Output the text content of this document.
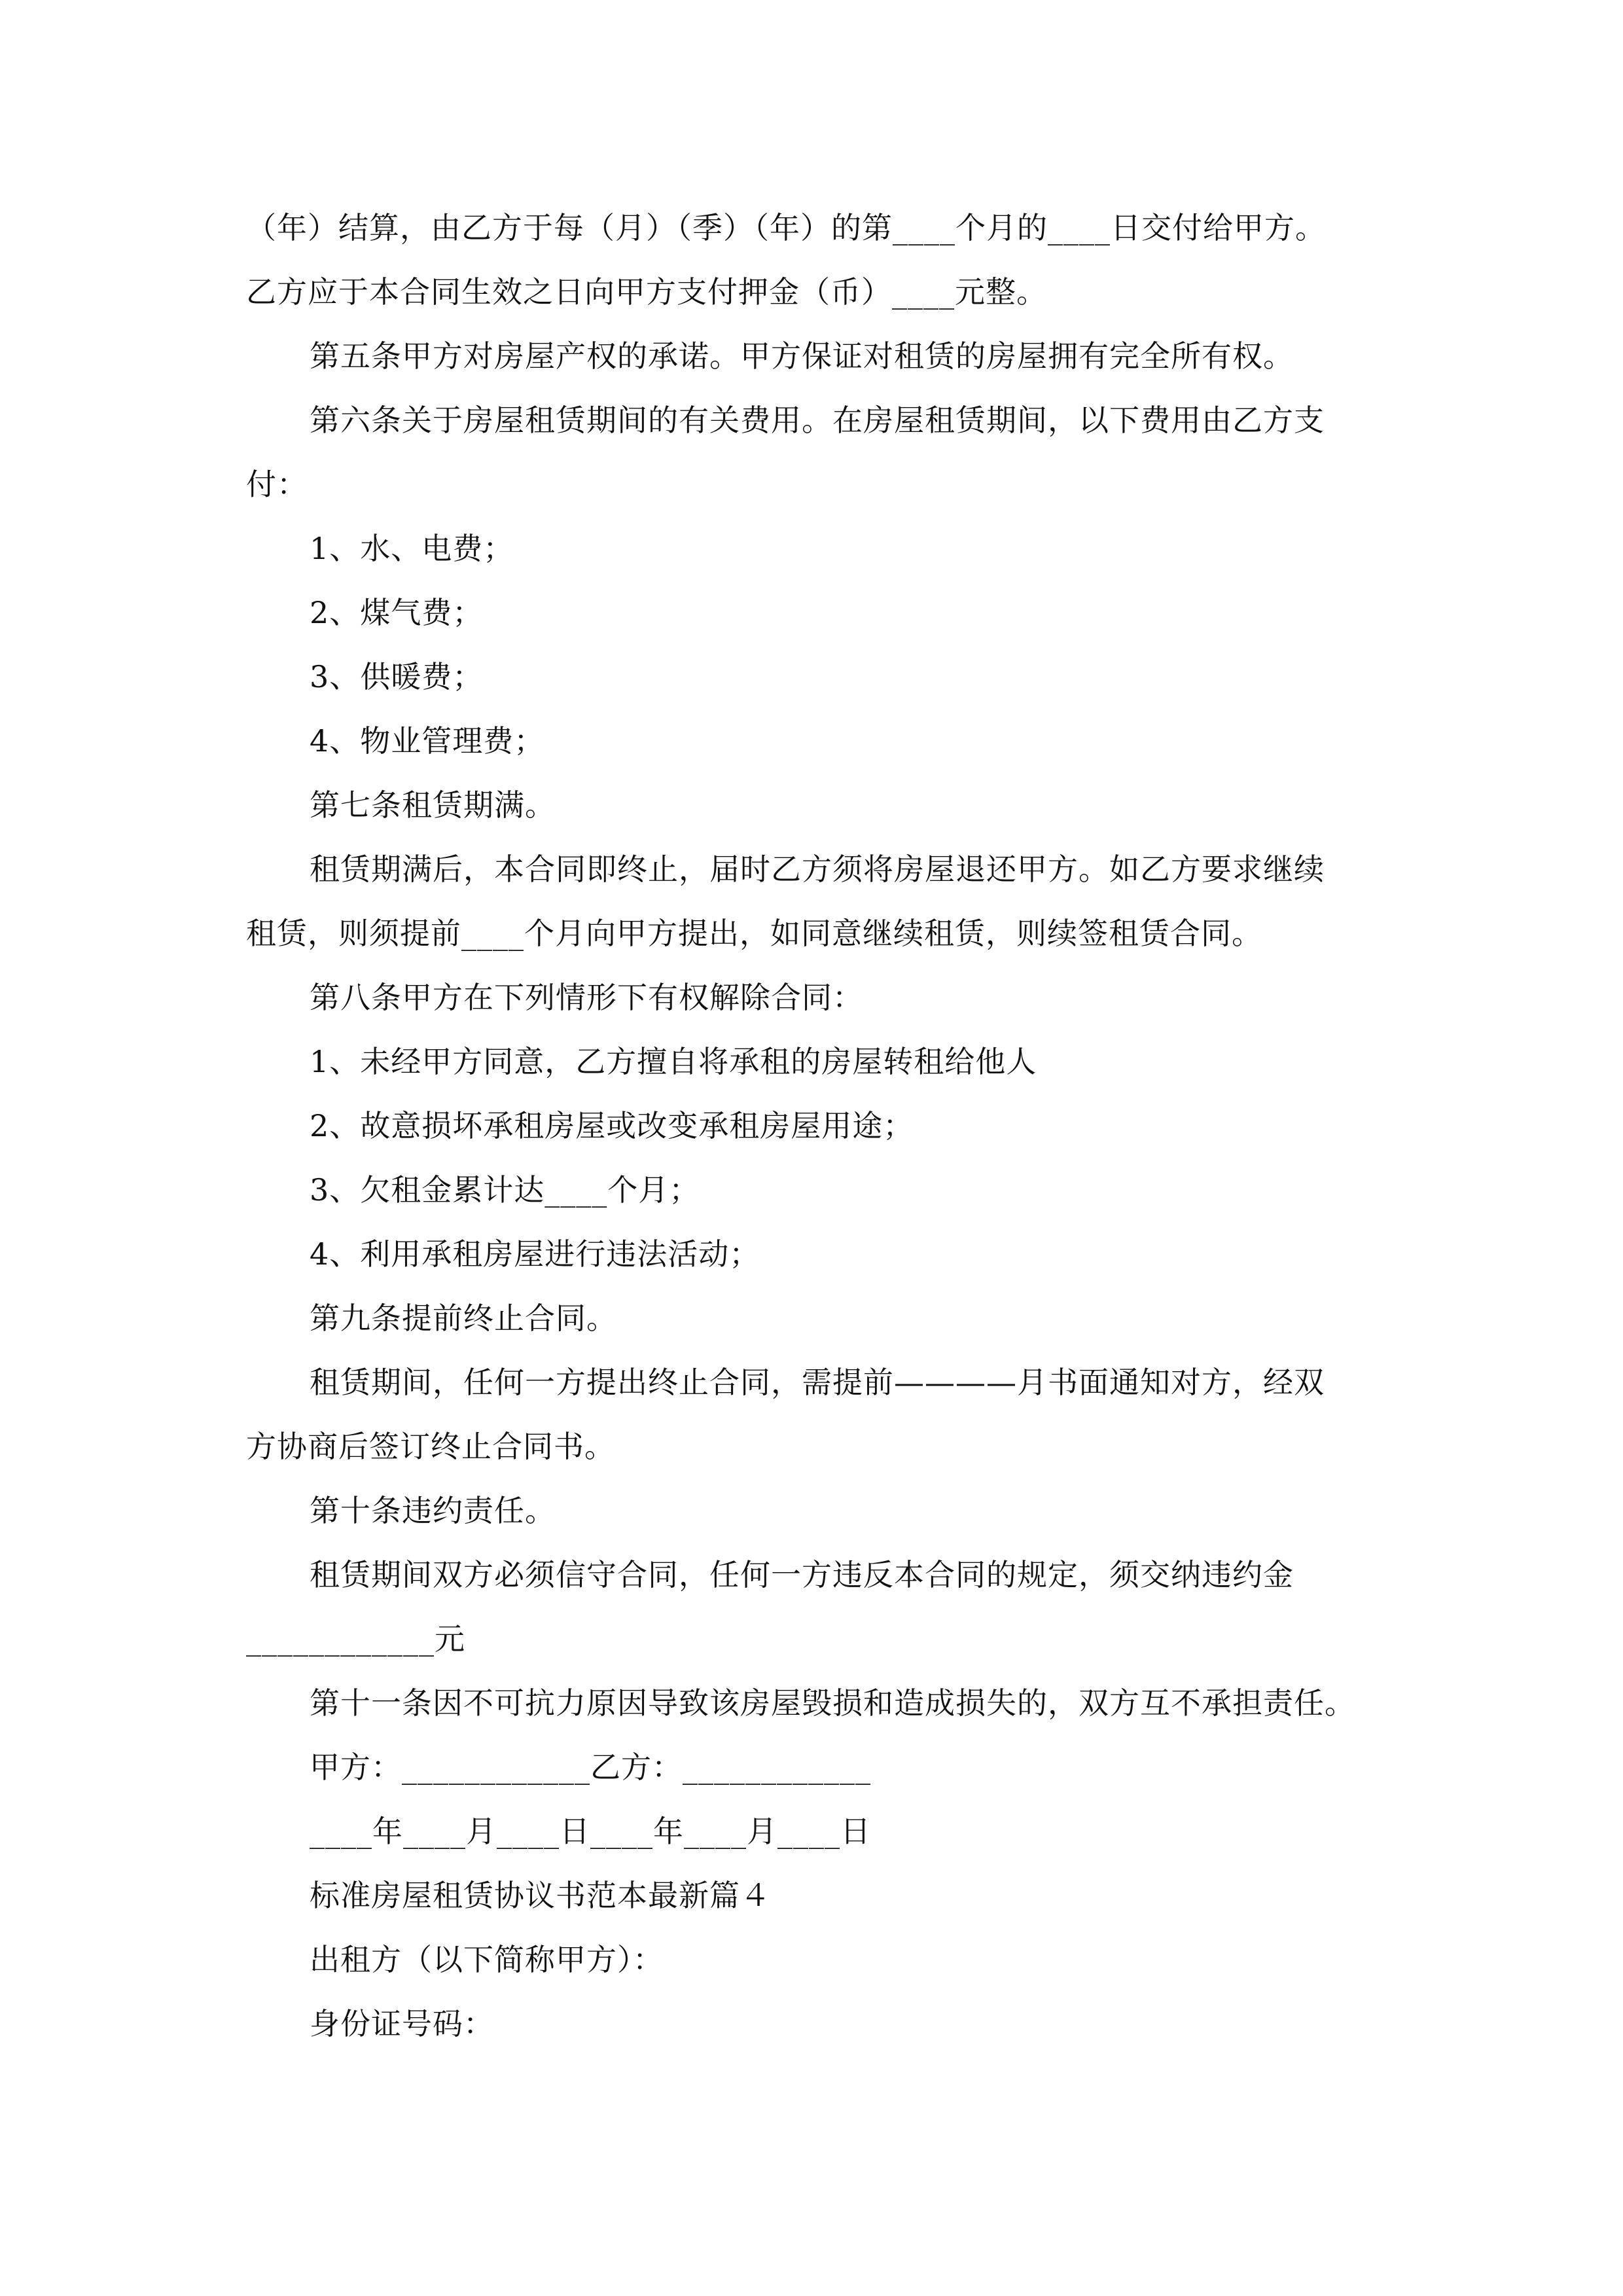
（年）结算，由乙方于每（月）（季）（年）的第____个月的____日交付给甲方。
乙方应于本合同生效之日向甲方支付押金（币）____元整。
第五条甲方对房屋产权的承诺。甲方保证对租赁的房屋拥有完全所有权。
第六条关于房屋租赁期间的有关费用。在房屋租赁期间，以下费用由乙方支
付：
1、水、电费；
2、煤气费；
3、供暖费；
4、物业管理费；
第七条租赁期满。
租赁期满后，本合同即终止，届时乙方须将房屋退还甲方。如乙方要求继续
租赁，则须提前____个月向甲方提出，如同意继续租赁，则续签租赁合同。
第八条甲方在下列情形下有权解除合同：
1、未经甲方同意，乙方擅自将承租的房屋转租给他人
2、故意损坏承租房屋或改变承租房屋用途；
3、欠租金累计达____个月；
4、利用承租房屋进行违法活动；
第九条提前终止合同。
租赁期间，任何一方提出终止合同，需提前————月书面通知对方，经双
方协商后签订终止合同书。
第十条违约责任。
租赁期间双方必须信守合同，任何一方违反本合同的规定，须交纳违约金
____________元
第十一条因不可抗力原因导致该房屋毁损和造成损失的，双方互不承担责任。
甲方：____________乙方：____________
____年____月____日____年____月____日
标准房屋租赁协议书范本最新篇４
出租方（以下简称甲方）：
身份证号码：
